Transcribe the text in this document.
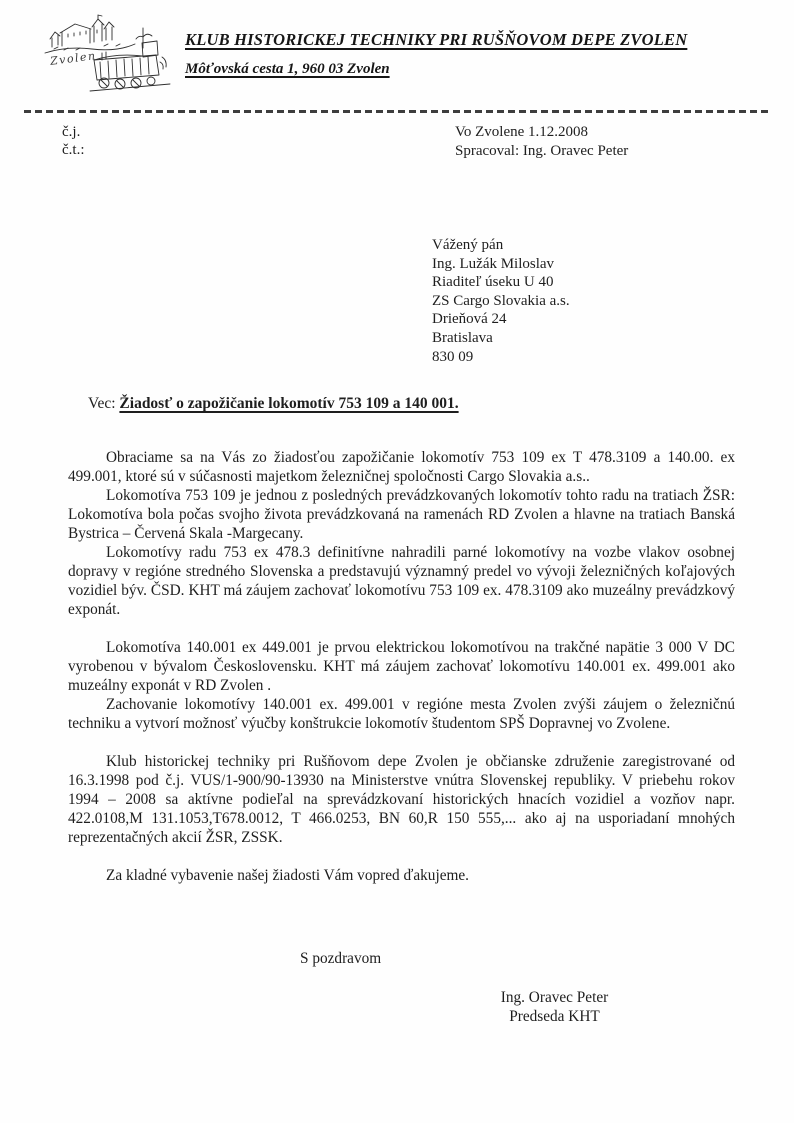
Zvolen
KLUB HISTORICKEJ TECHNIKY PRI RUŠŇOVOM DEPE ZVOLEN
Môťovská cesta 1, 960 03 Zvolen
č.j.
č.t.:
Vo Zvolene 1.12.2008
Spracoval: Ing. Oravec Peter
Vážený pán
Ing. Lužák Miloslav
Riaditeľ úseku U 40
ZS Cargo Slovakia a.s.
Drieňová 24
Bratislava
830 09
Vec: Žiadosť o zapožičanie lokomotív 753 109 a 140 001.

Obraciame sa na Vás zo žiadosťou zapožičanie lokomotív 753 109 ex T 478.3109 a 140.00. ex 499.001, ktoré sú v súčasnosti majetkom železničnej spoločnosti Cargo Slovakia a.s..

Lokomotíva 753 109 je jednou z posledných prevádzkovaných lokomotív tohto radu na tratiach ŽSR: Lokomotíva bola počas svojho života prevádzkovaná na ramenách RD Zvolen a hlavne na tratiach Banská Bystrica – Červená Skala -Margecany.

Lokomotívy radu 753 ex 478.3 definitívne nahradili parné lokomotívy na vozbe vlakov osobnej dopravy v regióne stredného Slovenska a predstavujú významný predel vo vývoji železničných koľajových vozidiel býv. ČSD. KHT má záujem zachovať lokomotívu 753 109 ex. 478.3109 ako muzeálny prevádzkový exponát.

Lokomotíva 140.001 ex 449.001 je prvou elektrickou lokomotívou na trakčné napätie 3 000 V DC vyrobenou v bývalom Československu. KHT má záujem zachovať lokomotívu 140.001 ex. 499.001 ako muzeálny exponát v RD Zvolen .

Zachovanie lokomotívy 140.001 ex. 499.001 v regióne mesta Zvolen zvýši záujem o železničnú techniku a vytvorí možnosť výučby konštrukcie lokomotív študentom SPŠ Dopravnej vo Zvolene.

Klub historickej techniky pri Rušňovom depe Zvolen je občianske združenie zaregistrované od 16.3.1998 pod č.j. VUS/1-900/90-13930 na Ministerstve vnútra Slovenskej republiky. V priebehu rokov 1994 – 2008 sa aktívne podieľal na sprevádzkovaní historických hnacích vozidiel a vozňov napr. 422.0108,M 131.1053,T678.0012, T 466.0253, BN 60,R 150 555,... ako aj na usporiadaní mnohých reprezentačných akcií ŽSR, ZSSK.

Za kladné vybavenie našej žiadosti Vám vopred ďakujeme.

S pozdravom
Ing. Oravec Peter
Predseda KHT
